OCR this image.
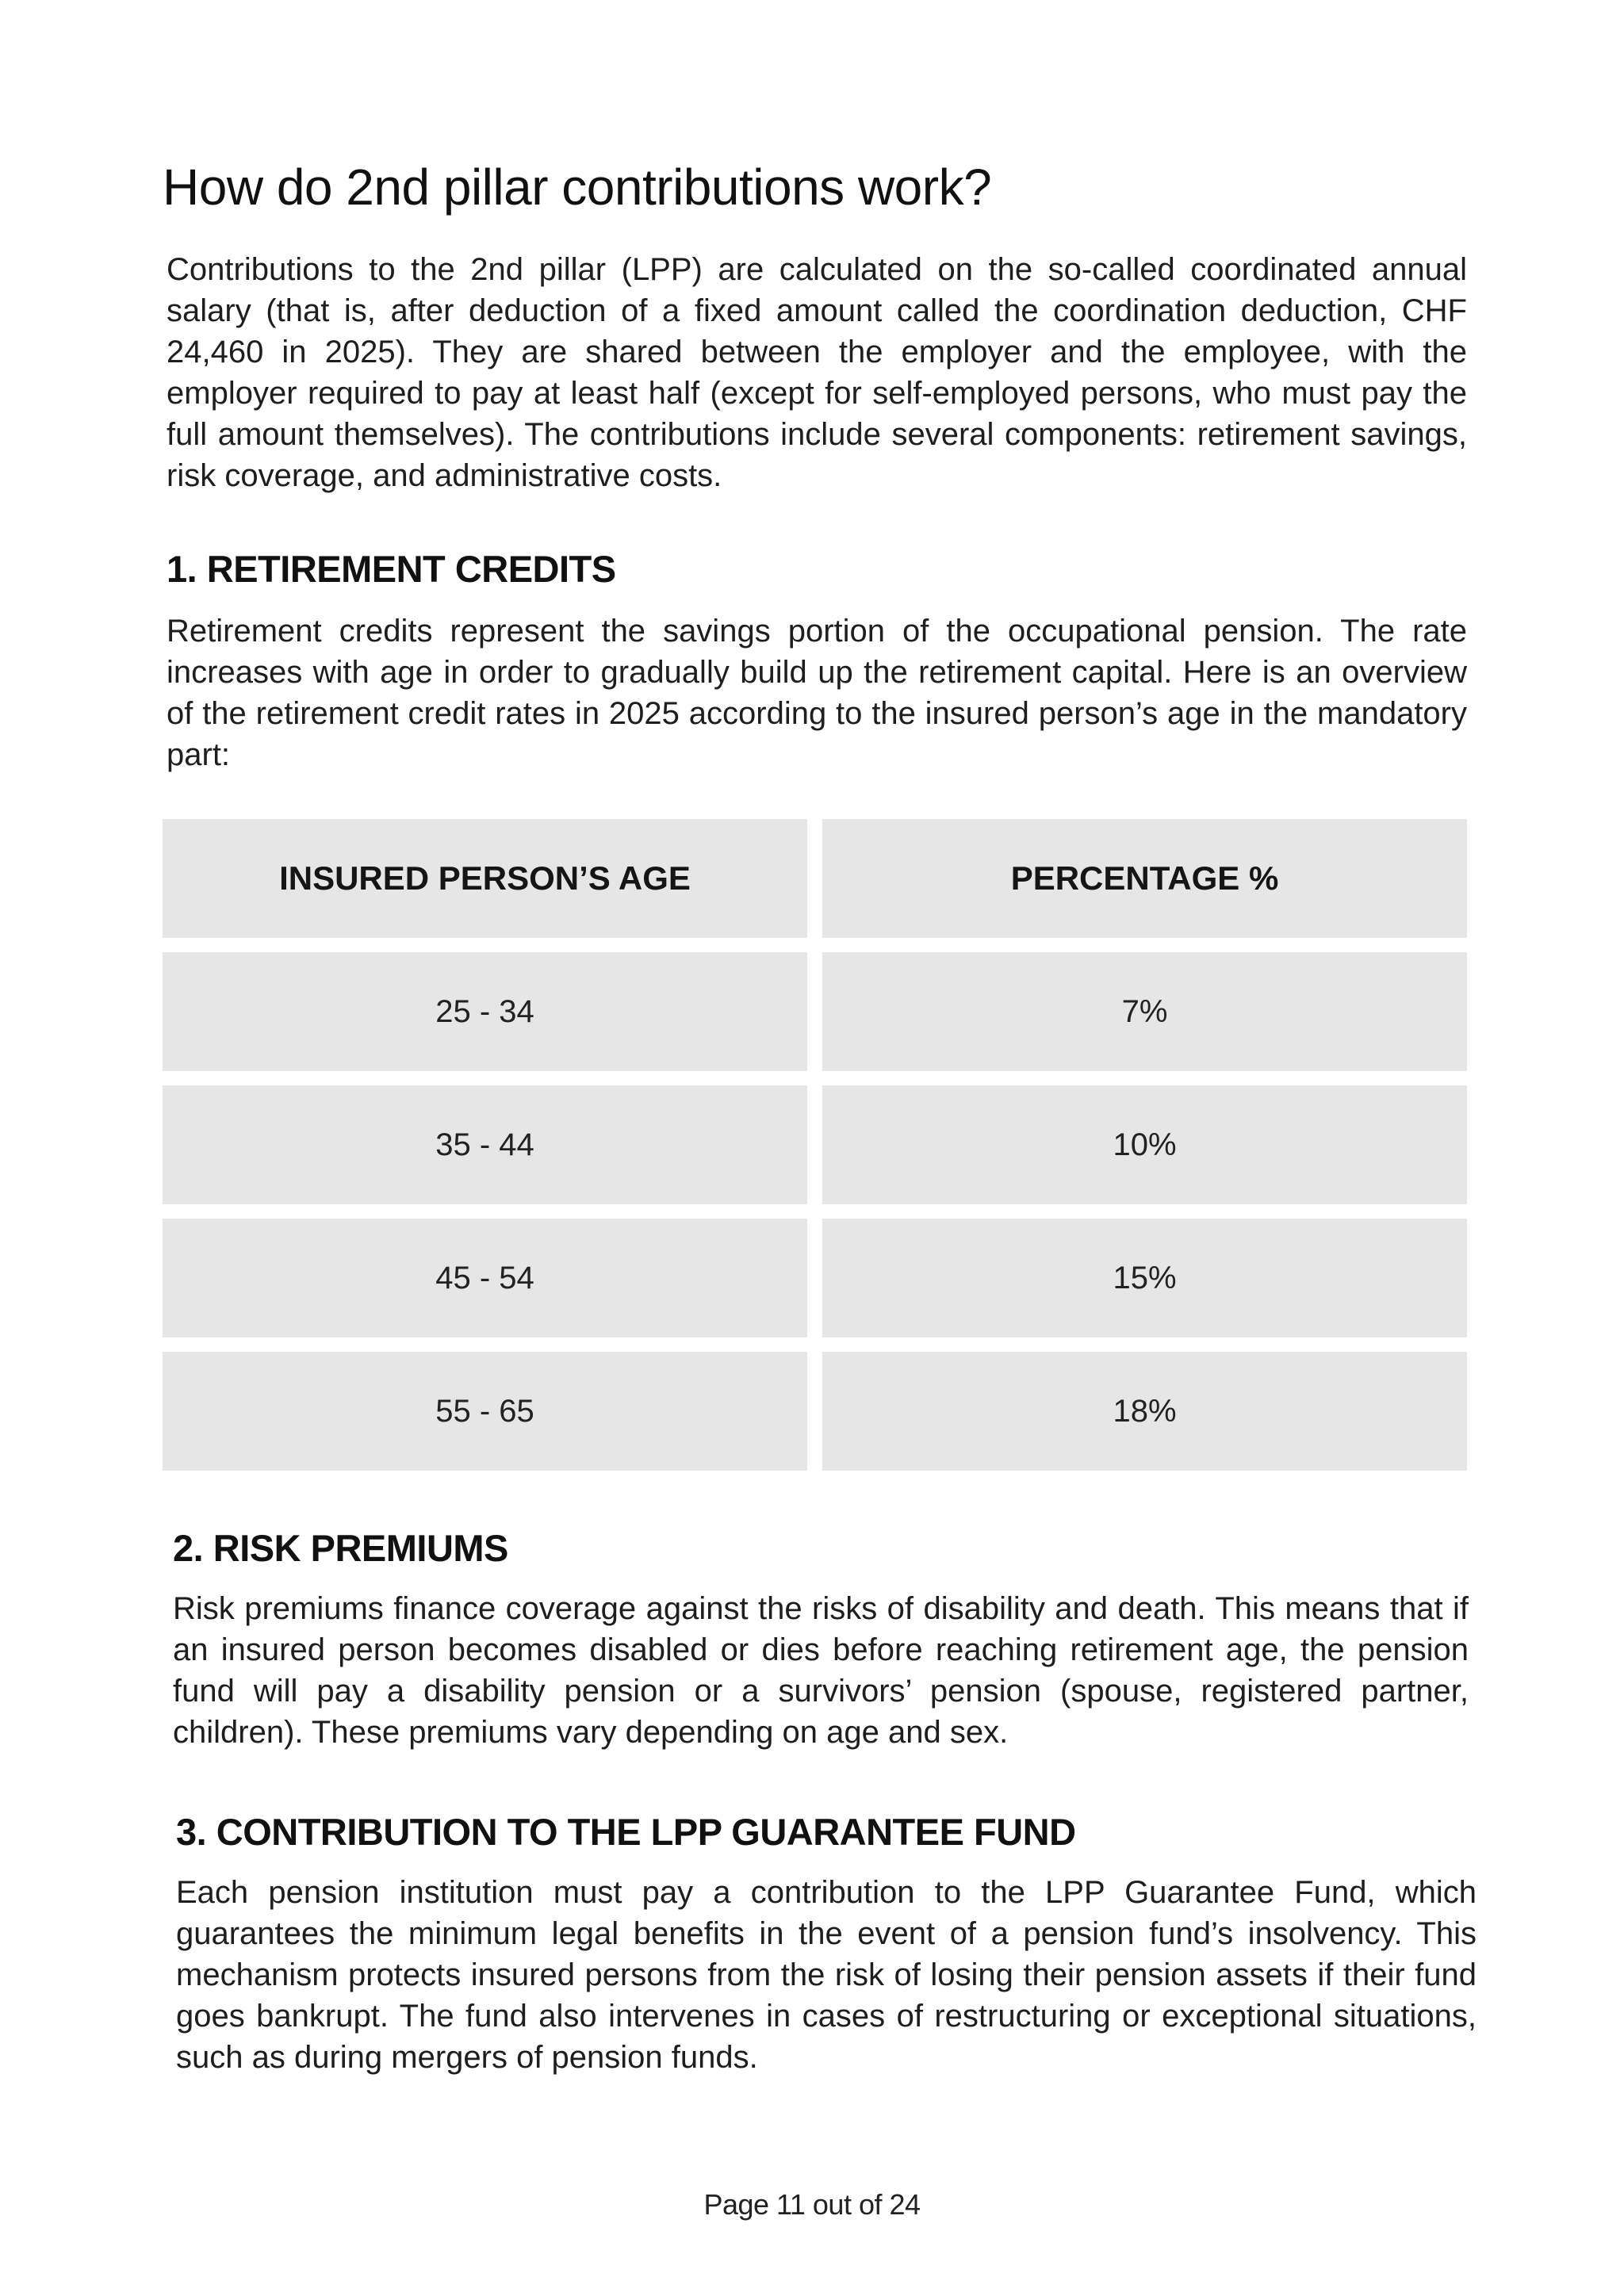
How do 2nd pillar contributions work?

Contributions to the 2nd pillar (LPP) are calculated on the so-called coordinated annual salary (that is, after deduction of a fixed amount called the coordination deduction, CHF 24,460 in 2025). They are shared between the employer and the employee, with the employer required to pay at least half (except for self-employed persons, who must pay the full amount themselves). The contributions include several components: retirement savings, risk coverage, and administrative costs.

1. RETIREMENT CREDITS

Retirement credits represent the savings portion of the occupational pension. The rate increases with age in order to gradually build up the retirement capital. Here is an overview of the retirement credit rates in 2025 according to the insured person’s age in the mandatory part:

INSURED PERSON’S AGE	PERCENTAGE %
25 - 34	7%
35 - 44	10%
45 - 54	15%
55 - 65	18%
2. RISK PREMIUMS

Risk premiums finance coverage against the risks of disability and death. This means that if an insured person becomes disabled or dies before reaching retirement age, the pension fund will pay a disability pension or a survivors’ pension (spouse, registered partner, children). These premiums vary depending on age and sex.

3. CONTRIBUTION TO THE LPP GUARANTEE FUND

Each pension institution must pay a contribution to the LPP Guarantee Fund, which guarantees the minimum legal benefits in the event of a pension fund’s insolvency. This mechanism protects insured persons from the risk of losing their pension assets if their fund goes bankrupt. The fund also intervenes in cases of restructuring or exceptional situations, such as during mergers of pension funds.

Page 11 out of 24
